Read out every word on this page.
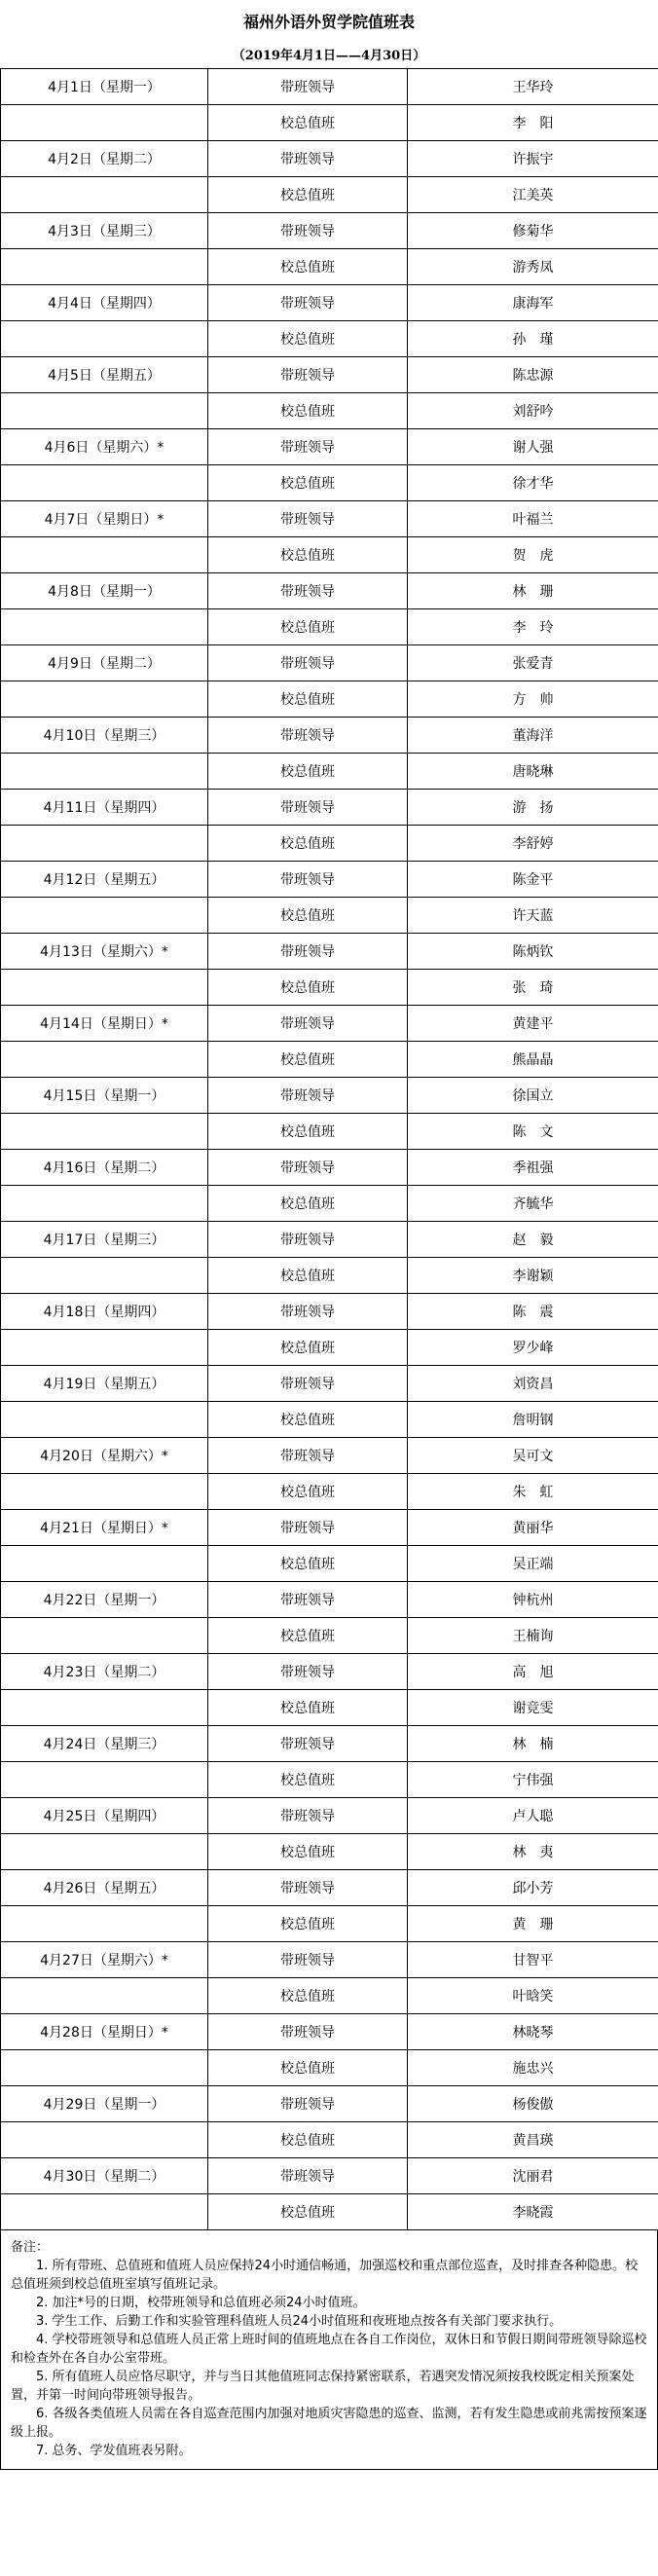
福州外语外贸学院值班表
（2019年4月1日——4月30日）
4月1日（星期一）	带班领导	王华玲
	校总值班	李　阳
4月2日（星期二）	带班领导	许振宇
	校总值班	江美英
4月3日（星期三）	带班领导	修菊华
	校总值班	游秀凤
4月4日（星期四）	带班领导	康海军
	校总值班	孙　瑾
4月5日（星期五）	带班领导	陈忠源
	校总值班	刘舒吟
4月6日（星期六）*	带班领导	谢人强
	校总值班	徐才华
4月7日（星期日）*	带班领导	叶福兰
	校总值班	贺　虎
4月8日（星期一）	带班领导	林　珊
	校总值班	李　玲
4月9日（星期二）	带班领导	张爱青
	校总值班	方　帅
4月10日（星期三）	带班领导	董海洋
	校总值班	唐晓琳
4月11日（星期四）	带班领导	游　扬
	校总值班	李舒婷
4月12日（星期五）	带班领导	陈金平
	校总值班	许天蓝
4月13日（星期六）*	带班领导	陈炳钦
	校总值班	张　琦
4月14日（星期日）*	带班领导	黄建平
	校总值班	熊晶晶
4月15日（星期一）	带班领导	徐国立
	校总值班	陈　文
4月16日（星期二）	带班领导	季祖强
	校总值班	齐毓华
4月17日（星期三）	带班领导	赵　毅
	校总值班	李谢颖
4月18日（星期四）	带班领导	陈　震
	校总值班	罗少峰
4月19日（星期五）	带班领导	刘资昌
	校总值班	詹明钢
4月20日（星期六）*	带班领导	吴可文
	校总值班	朱　虹
4月21日（星期日）*	带班领导	黄丽华
	校总值班	吴正端
4月22日（星期一）	带班领导	钟杭州
	校总值班	王楠询
4月23日（星期二）	带班领导	高　旭
	校总值班	谢竞雯
4月24日（星期三）	带班领导	林　楠
	校总值班	宁伟强
4月25日（星期四）	带班领导	卢人聪
	校总值班	林　夷
4月26日（星期五）	带班领导	邱小芳
	校总值班	黄　珊
4月27日（星期六）*	带班领导	甘智平
	校总值班	叶晗笑
4月28日（星期日）*	带班领导	林晓琴
	校总值班	施忠兴
4月29日（星期一）	带班领导	杨俊傲
	校总值班	黄昌瑛
4月30日（星期二）	带班领导	沈丽君
	校总值班	李晓霞

备注：

1. 所有带班、总值班和值班人员应保持24小时通信畅通，加强巡校和重点部位巡查，及时排查各种隐患。校总值班须到校总值班室填写值班记录。

2. 加注*号的日期，校带班领导和总值班必须24小时值班。

3. 学生工作、后勤工作和实验管理科值班人员24小时值班和夜班地点按各有关部门要求执行。

4. 学校带班领导和总值班人员正常上班时间的值班地点在各自工作岗位，双休日和节假日期间带班领导除巡校和检查外在各自办公室带班。

5. 所有值班人员应恪尽职守，并与当日其他值班同志保持紧密联系，若遇突发情况须按我校既定相关预案处置，并第一时间向带班领导报告。

6. 各级各类值班人员需在各自巡查范围内加强对地质灾害隐患的巡查、监测，若有发生隐患或前兆需按预案逐级上报。

7. 总务、学发值班表另附。
